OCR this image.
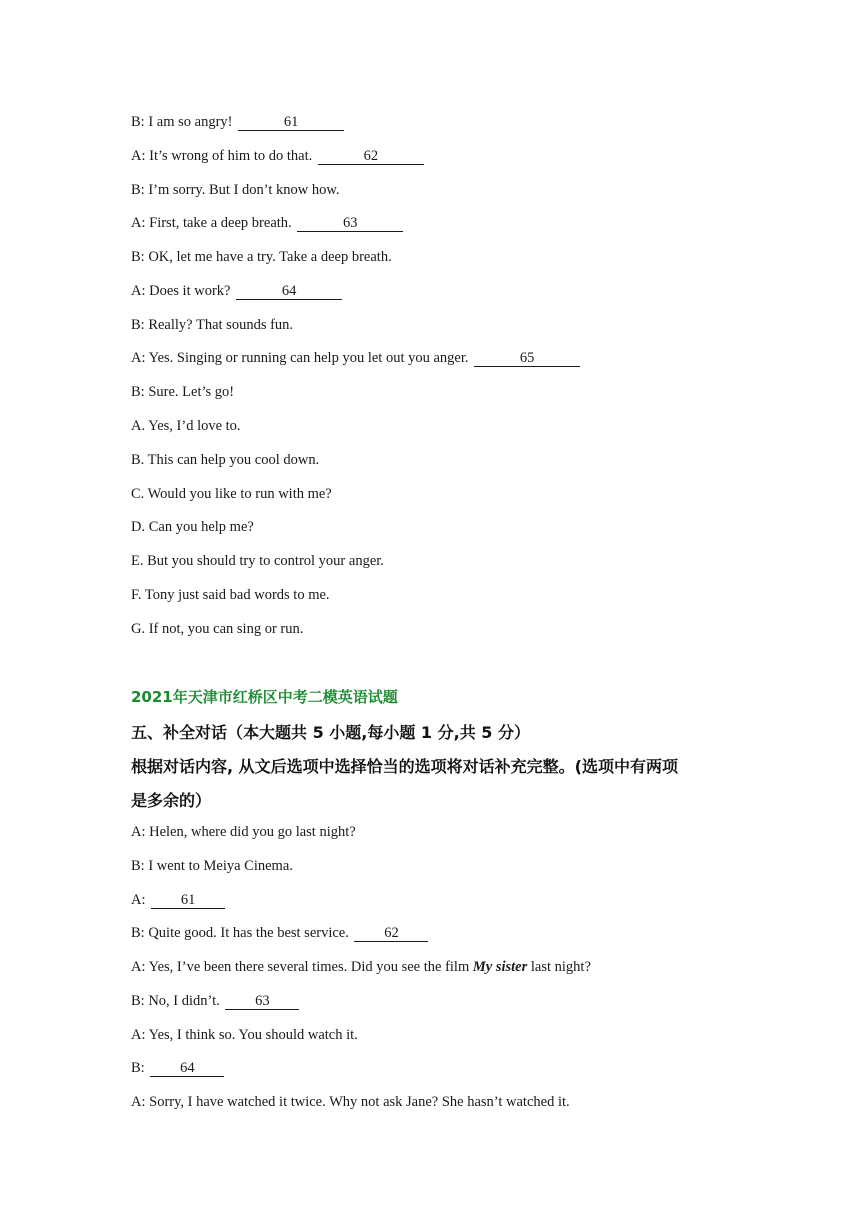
B: I am so angry!	61
A: It’s wrong of him to do that.	62
B: I’m sorry. But I don’t know how.
A: First, take a deep breath.	63
B: OK, let me have a try. Take a deep breath.
A: Does it work?	64
B: Really? That sounds fun.
A: Yes. Singing or running can help you let out you anger.	65
B: Sure. Let’s go!
A. Yes, I’d love to.
B. This can help you cool down.
C. Would you like to run with me?
D. Can you help me?
E. But you should try to control your anger.
F. Tony just said bad words to me.
G. If not, you can sing or run.
2021年天津市红桥区中考二模英语试题
五、补全对话（本大题共 5 小题,每小题 1 分,共 5 分）
根据对话内容, 从文后选项中选择恰当的选项将对话补充完整。(选项中有两项
是多余的）
A: Helen, where did you go last night?
B: I went to Meiya Cinema.
A: 61
B: Quite good. It has the best service. 62
A: Yes, I’ve been there several times. Did you see the film My sister last night?
B: No, I didn’t. 63
A: Yes, I think so. You should watch it.
B: 64
A: Sorry, I have watched it twice. Why not ask Jane? She hasn’t watched it.
